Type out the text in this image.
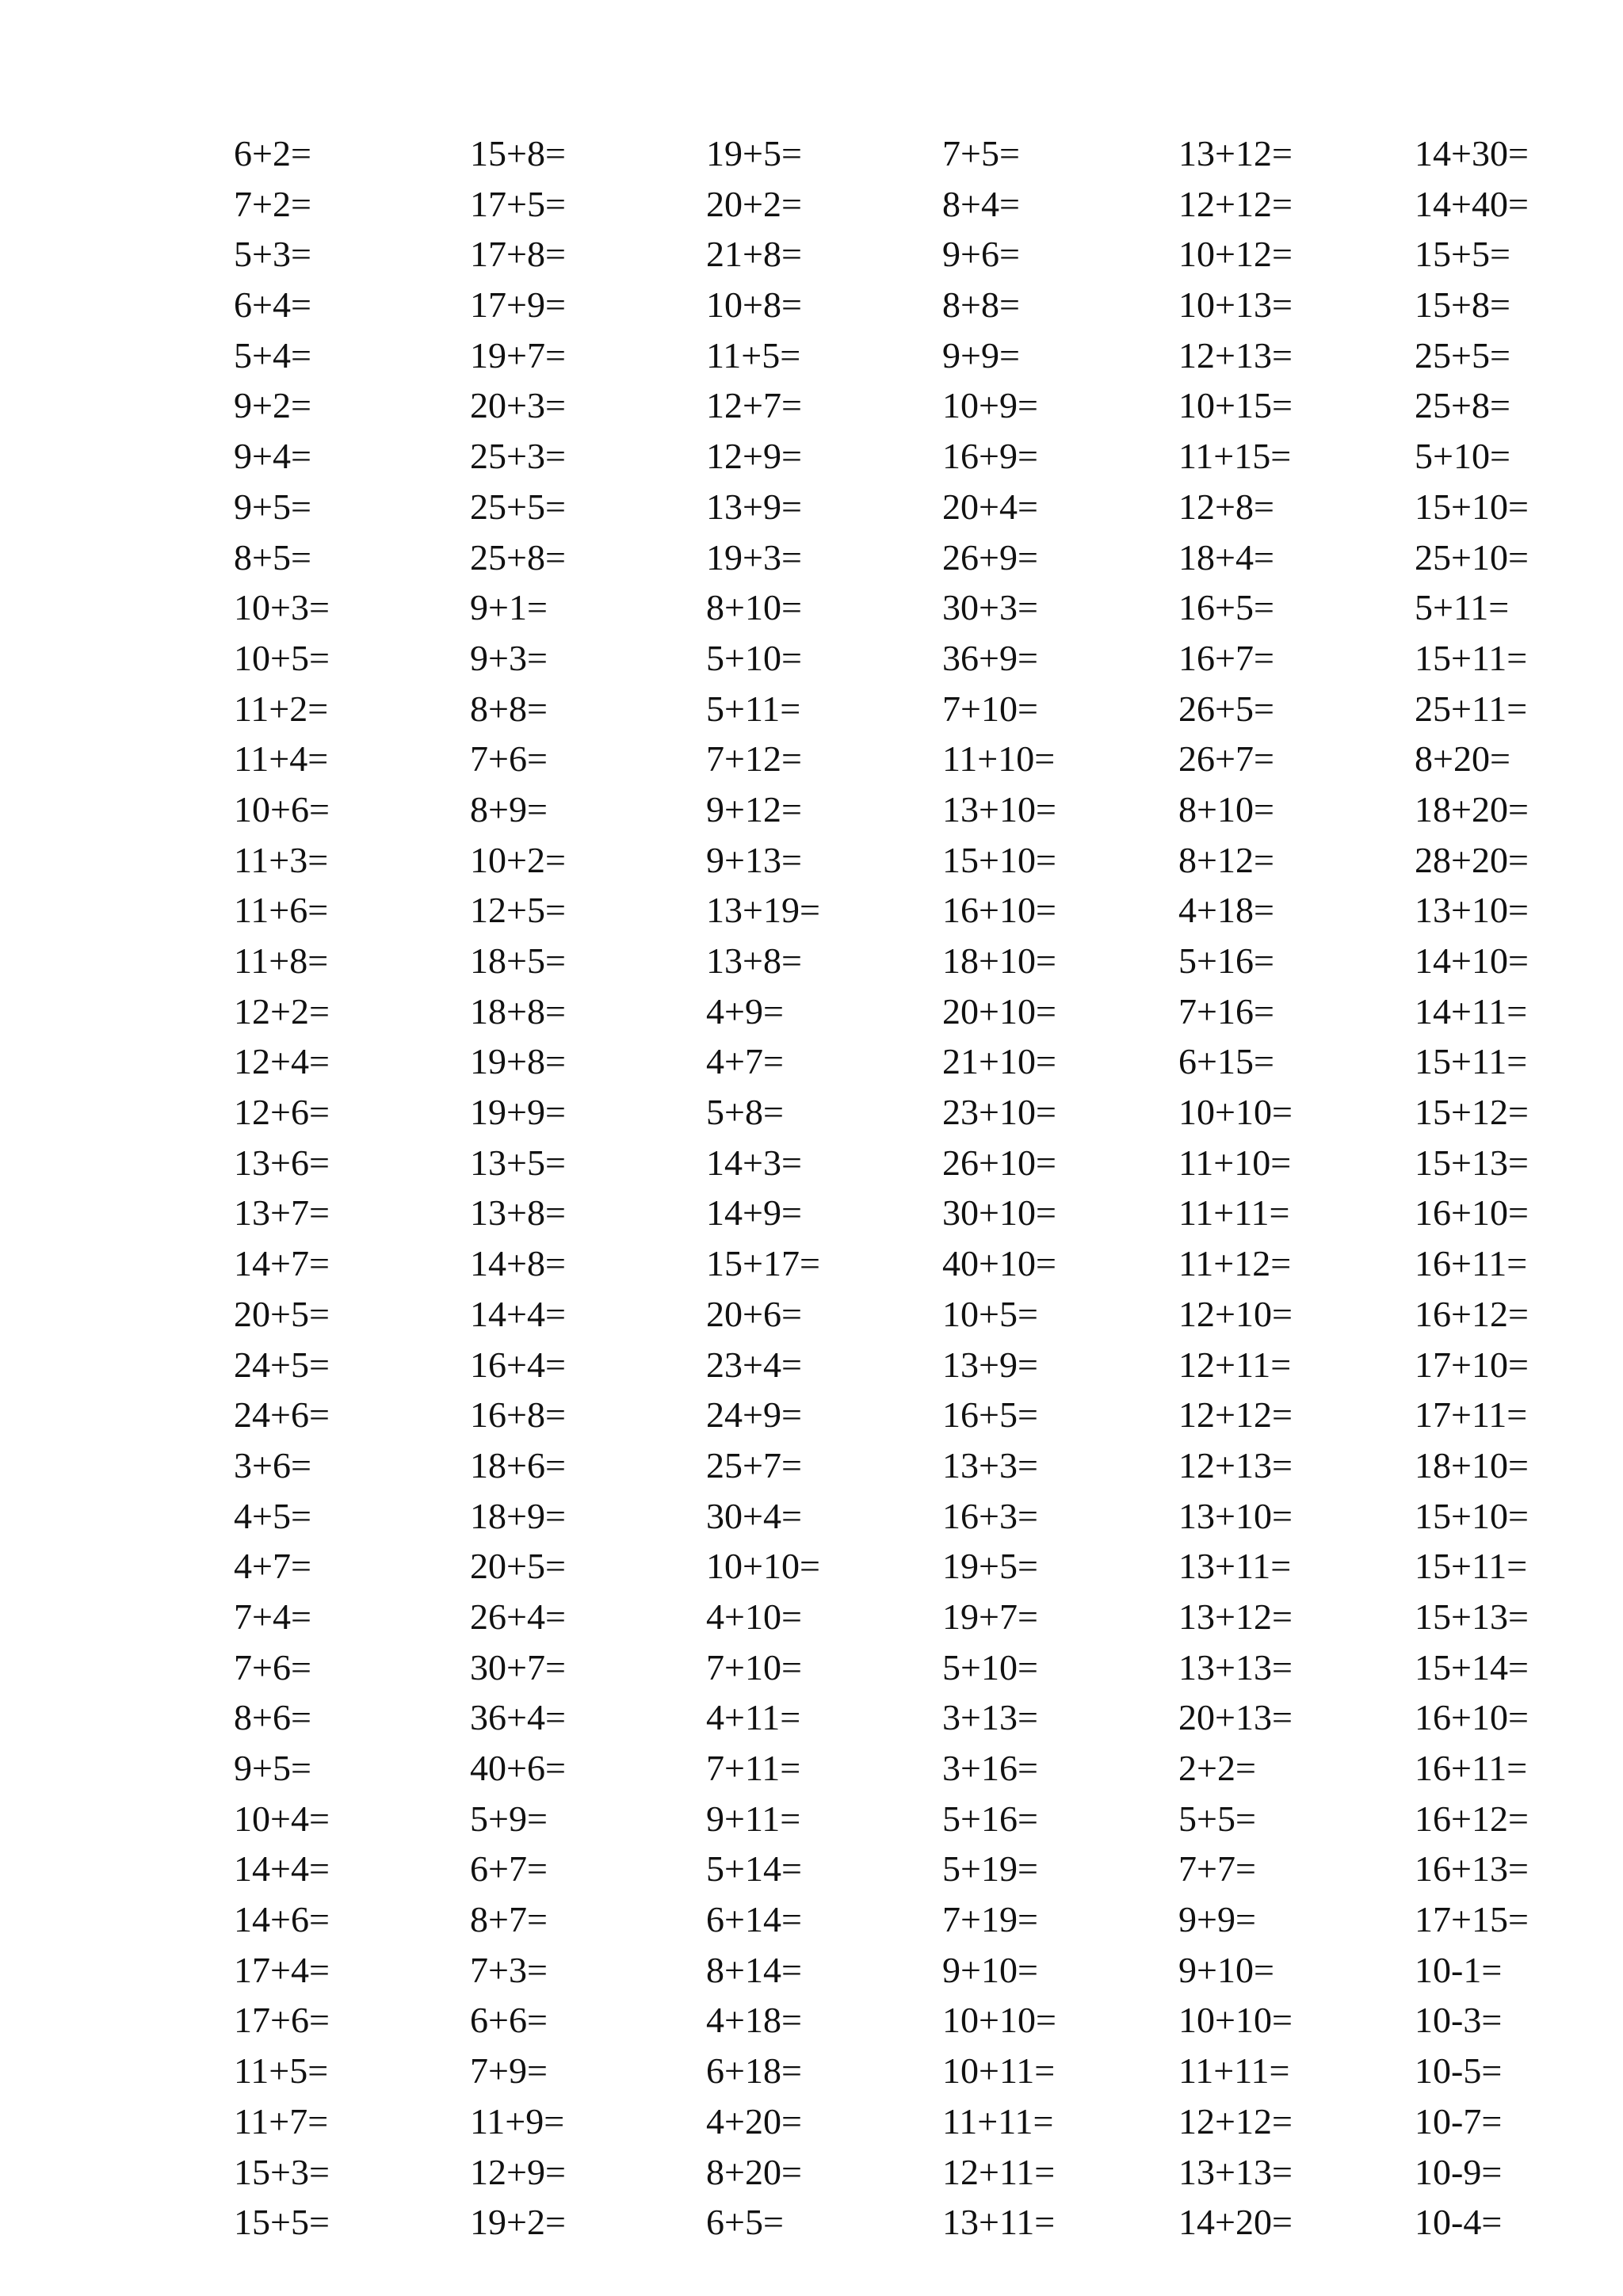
6+2=
7+2=
5+3=
6+4=
5+4=
9+2=
9+4=
9+5=
8+5=
10+3=
10+5=
11+2=
11+4=
10+6=
11+3=
11+6=
11+8=
12+2=
12+4=
12+6=
13+6=
13+7=
14+7=
20+5=
24+5=
24+6=
3+6=
4+5=
4+7=
7+4=
7+6=
8+6=
9+5=
10+4=
14+4=
14+6=
17+4=
17+6=
11+5=
11+7=
15+3=
15+5=
15+8=
17+5=
17+8=
17+9=
19+7=
20+3=
25+3=
25+5=
25+8=
9+1=
9+3=
8+8=
7+6=
8+9=
10+2=
12+5=
18+5=
18+8=
19+8=
19+9=
13+5=
13+8=
14+8=
14+4=
16+4=
16+8=
18+6=
18+9=
20+5=
26+4=
30+7=
36+4=
40+6=
5+9=
6+7=
8+7=
7+3=
6+6=
7+9=
11+9=
12+9=
19+2=
19+5=
20+2=
21+8=
10+8=
11+5=
12+7=
12+9=
13+9=
19+3=
8+10=
5+10=
5+11=
7+12=
9+12=
9+13=
13+19=
13+8=
4+9=
4+7=
5+8=
14+3=
14+9=
15+17=
20+6=
23+4=
24+9=
25+7=
30+4=
10+10=
4+10=
7+10=
4+11=
7+11=
9+11=
5+14=
6+14=
8+14=
4+18=
6+18=
4+20=
8+20=
6+5=
7+5=
8+4=
9+6=
8+8=
9+9=
10+9=
16+9=
20+4=
26+9=
30+3=
36+9=
7+10=
11+10=
13+10=
15+10=
16+10=
18+10=
20+10=
21+10=
23+10=
26+10=
30+10=
40+10=
10+5=
13+9=
16+5=
13+3=
16+3=
19+5=
19+7=
5+10=
3+13=
3+16=
5+16=
5+19=
7+19=
9+10=
10+10=
10+11=
11+11=
12+11=
13+11=
13+12=
12+12=
10+12=
10+13=
12+13=
10+15=
11+15=
12+8=
18+4=
16+5=
16+7=
26+5=
26+7=
8+10=
8+12=
4+18=
5+16=
7+16=
6+15=
10+10=
11+10=
11+11=
11+12=
12+10=
12+11=
12+12=
12+13=
13+10=
13+11=
13+12=
13+13=
20+13=
2+2=
5+5=
7+7=
9+9=
9+10=
10+10=
11+11=
12+12=
13+13=
14+20=
14+30=
14+40=
15+5=
15+8=
25+5=
25+8=
5+10=
15+10=
25+10=
5+11=
15+11=
25+11=
8+20=
18+20=
28+20=
13+10=
14+10=
14+11=
15+11=
15+12=
15+13=
16+10=
16+11=
16+12=
17+10=
17+11=
18+10=
15+10=
15+11=
15+13=
15+14=
16+10=
16+11=
16+12=
16+13=
17+15=
10-1=
10-3=
10-5=
10-7=
10-9=
10-4=
